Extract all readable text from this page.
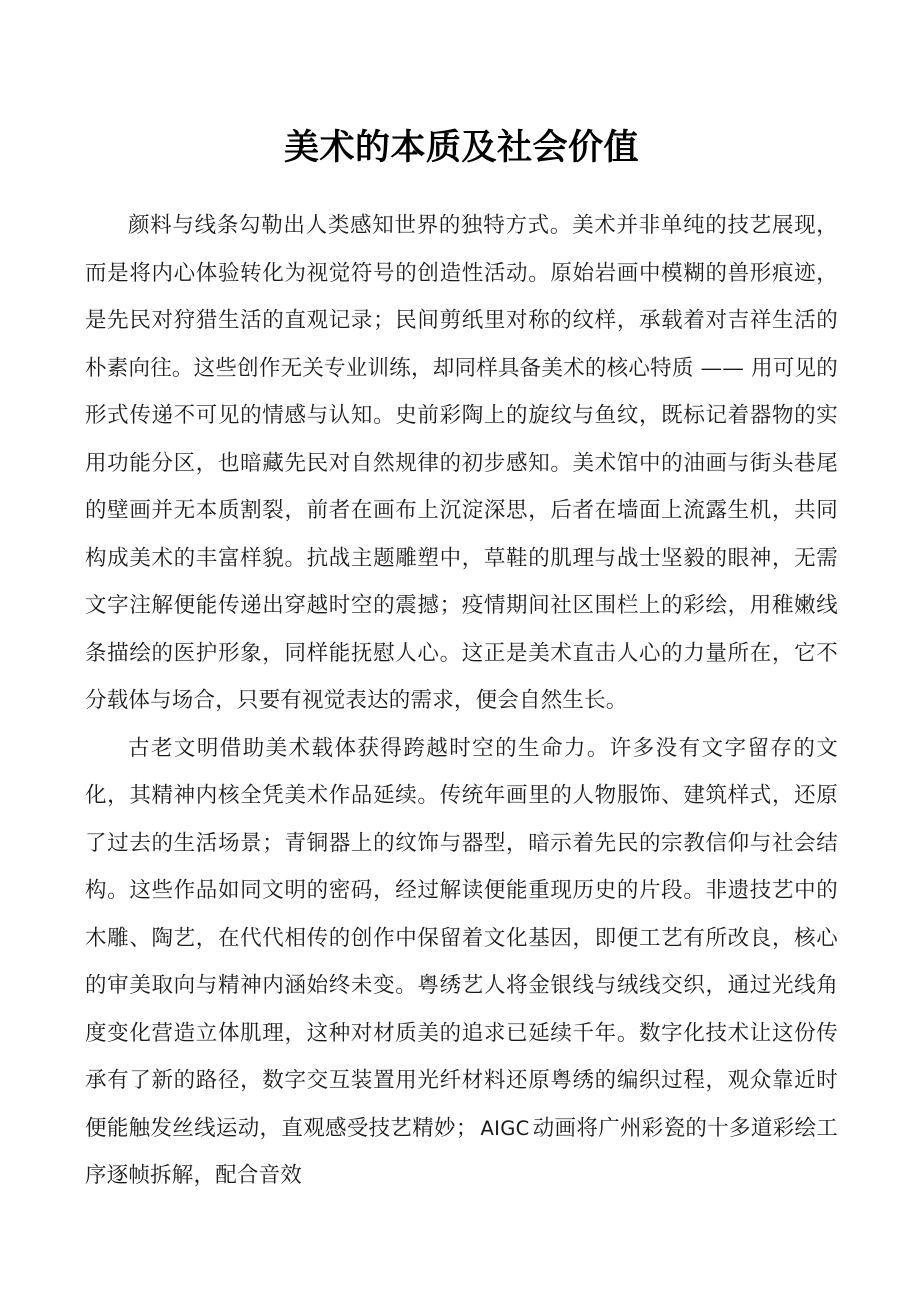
美术的本质及社会价值

颜料与线条勾勒出人类感知世界的独特方式。美术并非单纯的技艺展现，而是将内心体验转化为视觉符号的创造性活动。原始岩画中模糊的兽形痕迹，是先民对狩猎生活的直观记录；民间剪纸里对称的纹样，承载着对吉祥生活的朴素向往。这些创作无关专业训练，却同样具备美术的核心特质 —— 用可见的形式传递不可见的情感与认知。史前彩陶上的旋纹与鱼纹，既标记着器物的实用功能分区，也暗藏先民对自然规律的初步感知。美术馆中的油画与街头巷尾的壁画并无本质割裂，前者在画布上沉淀深思，后者在墙面上流露生机，共同构成美术的丰富样貌。抗战主题雕塑中，草鞋的肌理与战士坚毅的眼神，无需文字注解便能传递出穿越时空的震撼；疫情期间社区围栏上的彩绘，用稚嫩线条描绘的医护形象，同样能抚慰人心。这正是美术直击人心的力量所在，它不分载体与场合，只要有视觉表达的需求，便会自然生长。

古老文明借助美术载体获得跨越时空的生命力。许多没有文字留存的文化，其精神内核全凭美术作品延续。传统年画里的人物服饰、建筑样式，还原了过去的生活场景；青铜器上的纹饰与器型，暗示着先民的宗教信仰与社会结构。这些作品如同文明的密码，经过解读便能重现历史的片段。非遗技艺中的木雕、陶艺，在代代相传的创作中保留着文化基因，即便工艺有所改良，核心的审美取向与精神内涵始终未变。粤绣艺人将金银线与绒线交织，通过光线角度变化营造立体肌理，这种对材质美的追求已延续千年。数字化技术让这份传承有了新的路径，数字交互装置用光纤材料还原粤绣的编织过程，观众靠近时便能触发丝线运动，直观感受技艺精妙； AIGC 动画将广州彩瓷的十多道彩绘工序逐帧拆解，配合音效
